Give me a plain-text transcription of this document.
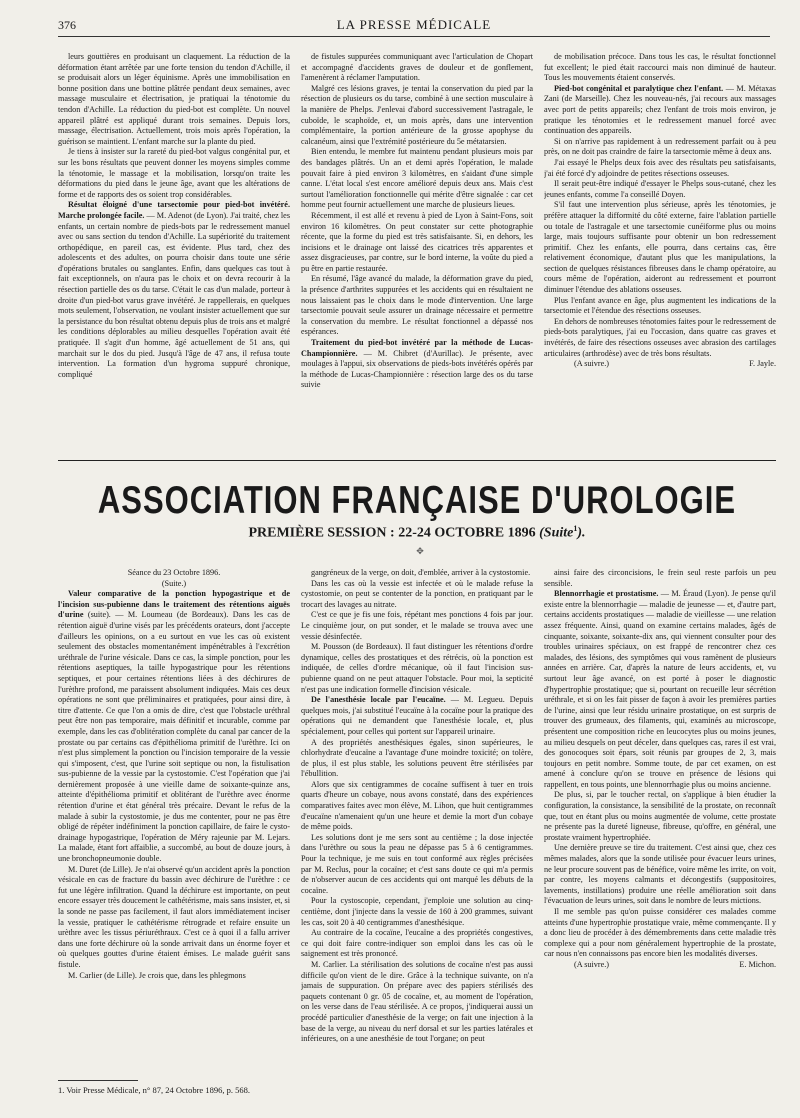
376	LA PRESSE MÉDICALE

leurs gouttières en produisant un claquement. La réduction de la déformation étant arrêtée par une forte tension du tendon d'Achille, il se produisait alors un léger équinisme. Après une immobilisation en bonne position dans une bottine plâtrée pendant deux semaines, avec massage musculaire et électrisation, je pratiquai la ténotomie du tendon d'Achille. La réduction du pied-bot est complète. Un nouvel appareil plâtré est appliqué durant trois semaines. Depuis lors, massage, électrisation. Actuellement, trois mois après l'opération, la guérison se maintient. L'enfant marche sur la plante du pied.

Je tiens à insister sur la rareté du pied-bot valgus congénital pur, et sur les bons résultats que peuvent donner les moyens simples comme la ténotomie, le massage et la mobilisation, lorsqu'on traite les déformations du pied dans le jeune âge, avant que les altérations de forme et de rapports des os soient trop considérables.

Résultat éloigné d'une tarsectomie pour pied-bot invétéré. Marche prolongée facile. — M. Adenot (de Lyon). J'ai traité, chez les enfants, un certain nombre de pieds-bots par le redressement manuel avec ou sans section du tendon d'Achille. La supériorité du traitement orthopédique, en pareil cas, est évidente. Plus tard, chez des adolescents et des adultes, on pourra choisir dans toute une série d'opérations brutales ou sanglantes. Enfin, dans quelques cas tout à fait exceptionnels, on n'aura pas le choix et on devra recourir à la résection partielle des os du tarse. C'était le cas d'un malade, porteur à droite d'un pied-bot varus grave invétéré. Je rappellerais, en quelques mots seulement, l'observation, ne voulant insister actuellement que sur la persistance du bon résultat obtenu depuis plus de trois ans et malgré les conditions déplorables au milieu desquelles l'opération avait été pratiquée. Il s'agit d'un homme, âgé actuellement de 51 ans, qui marchait sur le dos du pied. Jusqu'à l'âge de 47 ans, il refusa toute intervention. La formation d'un hygroma suppuré chronique, compliqué

de fistules suppurées communiquant avec l'articulation de Chopart et accompagné d'accidents graves de douleur et de gonflement, l'amenèrent à réclamer l'amputation.

Malgré ces lésions graves, je tentai la conservation du pied par la résection de plusieurs os du tarse, combiné à une section musculaire à la manière de Phelps. J'enlevai d'abord successivement l'astragale, le cuboïde, le scaphoïde, et, un mois après, dans une intervention complémentaire, la portion antérieure de la grosse apophyse du calcanéum, ainsi que l'extrémité postérieure du 5e métatarsien.

Bien entendu, le membre fut maintenu pendant plusieurs mois par des bandages plâtrés. Un an et demi après l'opération, le malade pouvait faire à pied environ 3 kilomètres, en s'aidant d'une simple canne. L'état local s'est encore amélioré depuis deux ans. Mais c'est surtout l'amélioration fonctionnelle qui mérite d'être signalée : car cet homme peut fournir actuellement une marche de plusieurs lieues.

Récemment, il est allé et revenu à pied de Lyon à Saint-Fons, soit environ 16 kilomètres. On peut constater sur cette photographie récente, que la forme du pied est très satisfaisante. Si, en dehors, les incisions et le drainage ont laissé des cicatrices très apparentes et assez disgracieuses, par contre, sur le bord interne, la voûte du pied a pu être en partie restaurée.

En résumé, l'âge avancé du malade, la déformation grave du pied, la présence d'arthrites suppurées et les accidents qui en résultaient ne nous laissaient pas le choix dans le mode d'intervention. Une large tarsectomie pouvait seule assurer un drainage nécessaire et permettre la conservation du membre. Le résultat fonctionnel a dépassé nos espérances.

Traitement du pied-bot invétéré par la méthode de Lucas-Championnière. — M. Chibret (d'Aurillac). Je présente, avec moulages à l'appui, six observations de pieds-bots invétérés opérés par la méthode de Lucas-Championnière : résection large des os du tarse suivie

de mobilisation précoce. Dans tous les cas, le résultat fonctionnel fut excellent; le pied était raccourci mais non diminué de hauteur. Tous les mouvements étaient conservés.

Pied-bot congénital et paralytique chez l'enfant. — M. Métaxas Zani (de Marseille). Chez les nouveau-nés, j'ai recours aux massages avec port de petits appareils; chez l'enfant de trois mois environ, je pratique les ténotomies et le redressement manuel forcé avec continuation des appareils.

Si on n'arrive pas rapidement à un redressement parfait ou à peu près, on ne doit pas craindre de faire la tarsectomie même à deux ans.

J'ai essayé le Phelps deux fois avec des résultats peu satisfaisants, j'ai été forcé d'y adjoindre de petites résections osseuses.

Il serait peut-être indiqué d'essayer le Phelps sous-cutané, chez les jeunes enfants, comme l'a conseillé Doyen.

S'il faut une intervention plus sérieuse, après les ténotomies, je préfère attaquer la difformité du côté externe, faire l'ablation partielle ou totale de l'astragale et une tarsectomie cunéiforme plus ou moins large, mais toujours suffisante pour obtenir un bon redressement primitif. Chez les enfants, elle pourra, dans certains cas, être relativement économique, d'autant plus que les manipulations, la section de quelques résistances fibreuses dans le champ opératoire, au cours même de l'opération, aideront au redressement et pourront diminuer l'étendue des ablations osseuses.

Plus l'enfant avance en âge, plus augmentent les indications de la tarsectomie et l'étendue des résections osseuses.

En dehors de nombreuses ténotomies faites pour le redressement de pieds-bots paralytiques, j'ai eu l'occasion, dans quatre cas graves et invétérés, de faire des résections osseuses avec abrasion des cartilages articulaires (arthrodèse) avec de très bons résultats.

(A suivre.)	F. Jayle.

ASSOCIATION FRANÇAISE D'UROLOGIE
PREMIÈRE SESSION : 22-24 OCTOBRE 1896 (Suite$^1$).
✥

Séance du 23 Octobre 1896.

(Suite.)

Valeur comparative de la ponction hypogastrique et de l'incision sus-pubienne dans le traitement des rétentions aiguës d'urine (suite). — M. Loumeau (de Bordeaux). Dans les cas de rétention aiguë d'urine visés par les précédents orateurs, dont j'accepte d'ailleurs les opinions, on a eu surtout en vue les cas où existent seulement des obstacles momentanément impénétrables à l'excrétion uréthrale de l'urine vésicale. Dans ce cas, la simple ponction, pour les rétentions aseptiques, la taille hypogastrique pour les rétentions septiques, et pour certaines rétentions liées à des déchirures de l'urèthre profond, me paraissent absolument indiquées. Mais ces deux opérations ne sont que préliminaires et pratiquées, pour ainsi dire, à titre d'attente. Ce que l'on a omis de dire, c'est que l'obstacle uréthral peut être non pas temporaire, mais définitif et incurable, comme par exemple, dans les cas d'oblitération complète du canal par cancer de la prostate ou par certains cas d'épithélioma primitif de l'urèthre. Ici on n'est plus simplement la ponction ou l'incision temporaire de la vessie qui s'imposent, c'est, que l'urine soit septique ou non, la fistulisation sus-pubienne de la vessie par la cystostomie. C'est l'opération que j'ai dernièrement proposée à une vieille dame de soixante-quinze ans, atteinte d'épithélioma primitif et oblitérant de l'urèthre avec énorme rétention d'urine et état général très précaire. Devant le refus de la malade à subir la cystostomie, je dus me contenter, pour ne pas être obligé de répéter indéfiniment la ponction capillaire, de faire le cysto-drainage hypogastrique, l'opération de Méry rajeunie par M. Lejars. La malade, étant fort affaiblie, a succombé, au bout de douze jours, à une bronchopneumonie double.

M. Duret (de Lille). Je n'ai observé qu'un accident après la ponction vésicale en cas de fracture du bassin avec déchirure de l'urèthre : ce fut une légère infiltration. Quand la déchirure est importante, on peut encore essayer très doucement le cathétérisme, mais sans insister, et, si la sonde ne passe pas facilement, il faut alors immédiatement inciser la vessie, pratiquer le cathétérisme rétrograde et refaire ensuite un urèthre avec les tissus périuréthraux. C'est ce à quoi il a fallu arriver dans une forte déchirure où la sonde arrivait dans un énorme foyer et où quelques gouttes d'urine étaient émises. Le malade guérit sans fistule.

M. Carlier (de Lille). Je crois que, dans les phlegmons

gangréneux de la verge, on doit, d'emblée, arriver à la cystostomie.

Dans les cas où la vessie est infectée et où le malade refuse la cystostomie, on peut se contenter de la ponction, en pratiquant par le trocart des lavages au nitrate.

C'est ce que je fis une fois, répétant mes ponctions 4 fois par jour. Le cinquième jour, on put sonder, et le malade se trouva avec une vessie désinfectée.

M. Pousson (de Bordeaux). Il faut distinguer les rétentions d'ordre dynamique, celles des prostatiques et des rétrécis, où la ponction est indiquée, de celles d'ordre mécanique, où il faut l'incision sus-pubienne quand on ne peut attaquer l'obstacle. Pour moi, la septicité n'est pas une indication formelle d'incision vésicale.

De l'anesthésie locale par l'eucaïne. — M. Legueu. Depuis quelques mois, j'ai substitué l'eucaïne à la cocaïne pour la pratique des opérations qui ne demandent que l'anesthésie locale, et, plus spécialement, pour celles qui portent sur l'appareil urinaire.

A des propriétés anesthésiques égales, sinon supérieures, le chlorhydrate d'eucaïne a l'avantage d'une moindre toxicité; on tolère, de plus, il est plus stable, les solutions peuvent être stérilisées par l'ébullition.

Alors que six centigrammes de cocaïne suffisent à tuer en trois quarts d'heure un cobaye, nous avons constaté, dans des expériences comparatives faites avec mon élève, M. Lihon, que huit centigrammes d'eucaïne n'amenaient qu'un une heure et demie la mort d'un cobaye de même poids.

Les solutions dont je me sers sont au centième ; la dose injectée dans l'urèthre ou sous la peau ne dépasse pas 5 à 6 centigrammes. Pour la technique, je me suis en tout conformé aux règles précisées par M. Reclus, pour la cocaïne; et c'est sans doute ce qui m'a permis de n'observer aucun de ces accidents qui ont marqué les débuts de la cocaïne.

Pour la cystoscopie, cependant, j'emploie une solution au cinq-centième, dont j'injecte dans la vessie de 160 à 200 grammes, suivant les cas, soit 20 à 40 centigrammes d'anesthésique.

Au contraire de la cocaïne, l'eucaïne a des propriétés congestives, ce qui doit faire contre-indiquer son emploi dans les cas où le saignement est très prononcé.

M. Carlier. La stérilisation des solutions de cocaïne n'est pas aussi difficile qu'on vient de le dire. Grâce à la technique suivante, on n'a jamais de suppuration. On prépare avec des papiers stérilisés des paquets contenant 0 gr. 05 de cocaïne, et, au moment de l'opération, on les verse dans de l'eau stérilisée. A ce propos, j'indiquerai aussi un procédé particulier d'anesthésie de la verge; on fait une injection à la base de la verge, au niveau du nerf dorsal et sur les parties latérales et inférieures, on a une anesthésie de tout l'organe; on peut

ainsi faire des circoncisions, le frein seul reste parfois un peu sensible.

Blennorrhagie et prostatisme. — M. Éraud (Lyon). Je pense qu'il existe entre la blennorrhagie — maladie de jeunesse — et, d'autre part, certains accidents prostatiques — maladie de vieillesse — une relation assez fréquente. Ainsi, quand on examine certains malades, âgés de cinquante, soixante, soixante-dix ans, qui viennent consulter pour des troubles urinaires spéciaux, on est frappé de rencontrer chez ces malades, des lésions, des symptômes qui vous ramènent de plusieurs années en arrière. Car, d'après la nature de leurs accidents, et, vu surtout leur âge avancé, on est porté à poser le diagnostic d'hypertrophie prostatique; que si, pourtant on recueille leur sécrétion uréthrale, et si on les fait pisser de façon à avoir les premières parties de l'urine, ainsi que leur résidu urinaire prostatique, on est surpris de trouver des grumeaux, des filaments, qui, examinés au microscope, présentent une composition riche en leucocytes plus ou moins jeunes, au milieu desquels on peut déceler, dans quelques cas, rares il est vrai, des gonocoques soit épars, soit réunis par groupes de 2, 3, mais toujours en petit nombre. Somme toute, de par cet examen, on est amené à conclure qu'on se trouve en présence de lésions qui rappellent, en tous points, une blennorrhagie plus ou moins ancienne.

De plus, si, par le toucher rectal, on s'applique à bien étudier la configuration, la consistance, la sensibilité de la prostate, on reconnaît que, tout en étant plus ou moins augmentée de volume, cette prostate ne présente pas la dureté ligneuse, fibreuse, qu'offre, en général, une prostate vraiment hypertrophiée.

Une dernière preuve se tire du traitement. C'est ainsi que, chez ces mêmes malades, alors que la sonde utilisée pour évacuer leurs urines, ne leur procure souvent pas de bénéfice, voire même les irrite, on voit, par contre, les moyens calmants et décongestifs (suppositoires, lavements, instillations) produire une réelle amélioration soit dans l'évacuation de leurs urines, soit dans le nombre de leurs mictions.

Il me semble pas qu'on puisse considérer ces malades comme atteints d'une hypertrophie prostatique vraie, même commençante. Il y a donc lieu de procéder à des démembrements dans cette maladie très complexe qui a pour nom généralement hypertrophie de la prostate, car nous n'en connaissons pas encore bien les modalités diverses.

(A suivre.)	E. Michon.

1. Voir Presse Médicale, n° 87, 24 Octobre 1896, p. 568.
